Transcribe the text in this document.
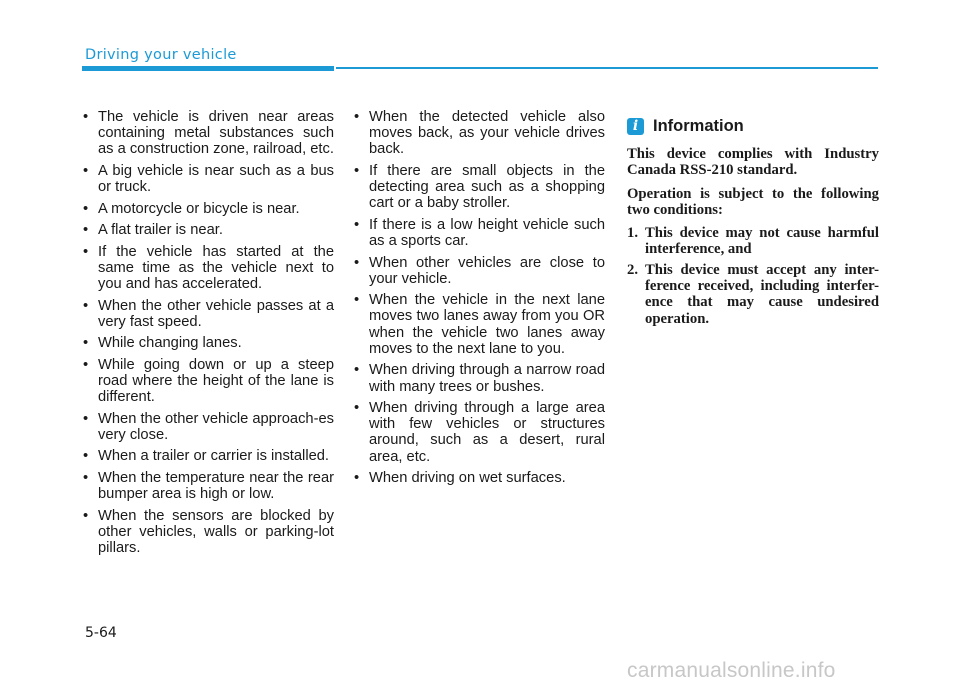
Driving your vehicle
• The vehicle is driven near areas containing metal substances such as a construction zone, railroad, etc.
• A big vehicle is near such as a bus or truck.
• A motorcycle or bicycle is near.
• A flat trailer is near.
• If the vehicle has started at the same time as the vehicle next to you and has accelerated.
• When the other vehicle passes at a very fast speed.
• While changing lanes.
• While going down or up a steep road where the height of the lane is different.
• When the other vehicle approach-es very close.
• When a trailer or carrier is installed.
• When the temperature near the rear bumper area is high or low.
• When the sensors are blocked by other vehicles, walls or parking-lot pillars.
• When the detected vehicle also moves back, as your vehicle drives back.
• If there are small objects in the detecting area such as a shopping cart or a baby stroller.
• If there is a low height vehicle such as a sports car.
• When other vehicles are close to your vehicle.
• When the vehicle in the next lane moves two lanes away from you OR when the vehicle two lanes away moves to the next lane to you.
• When driving through a narrow road with many trees or bushes.
• When driving through a large area with few vehicles or structures around, such as a desert, rural area, etc.
• When driving on wet surfaces.
i Information

This device complies with Industry Canada RSS-210 standard.

Operation is subject to the following two conditions:

1. This device may not cause harmful interference, and
2. This device must accept any inter-ference received, including interfer-ence that may cause undesired operation.
5-64
carmanualsonline.info
